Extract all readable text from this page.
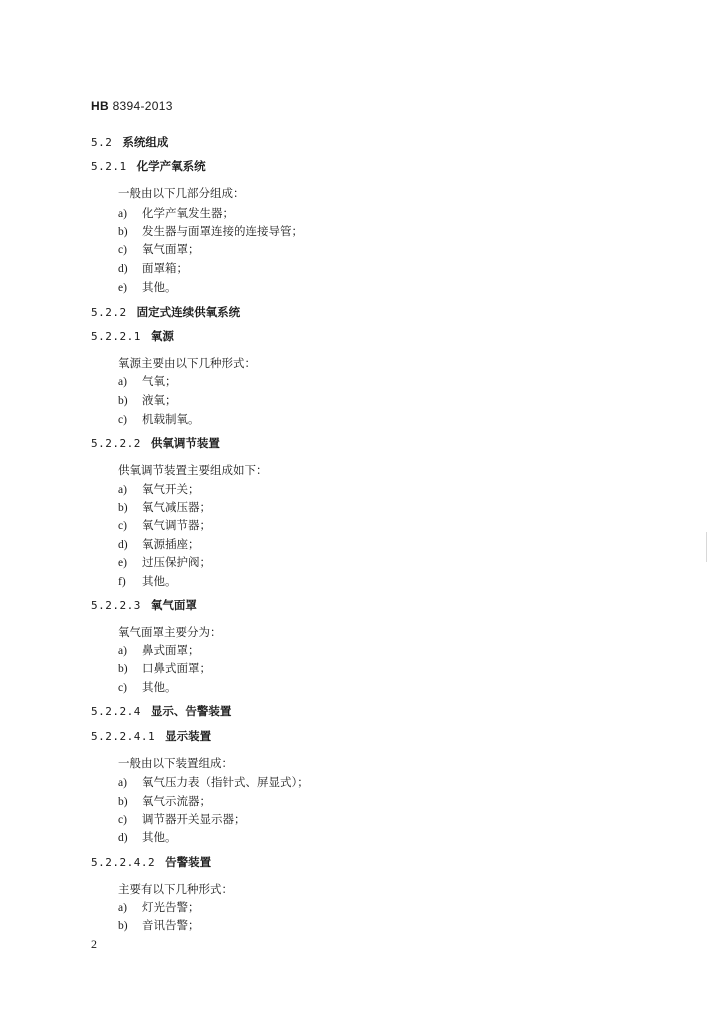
HB 8394-2013
5.2 系统组成
5.2.1 化学产氧系统
一般由以下几部分组成：
a) 化学产氧发生器；
b) 发生器与面罩连接的连接导管；
c) 氧气面罩；
d) 面罩箱；
e) 其他。
5.2.2 固定式连续供氧系统
5.2.2.1 氧源
氧源主要由以下几种形式：
a) 气氧；
b) 液氧；
c) 机载制氧。
5.2.2.2 供氧调节装置
供氧调节装置主要组成如下：
a) 氧气开关；
b) 氧气减压器；
c) 氧气调节器；
d) 氧源插座；
e) 过压保护阀；
f) 其他。
5.2.2.3 氧气面罩
氧气面罩主要分为：
a) 鼻式面罩；
b) 口鼻式面罩；
c) 其他。
5.2.2.4 显示、告警装置
5.2.2.4.1 显示装置
一般由以下装置组成：
a) 氧气压力表（指针式、屏显式）；
b) 氧气示流器；
c) 调节器开关显示器；
d) 其他。
5.2.2.4.2 告警装置
主要有以下几种形式：
a) 灯光告警；
b) 音讯告警；
2
